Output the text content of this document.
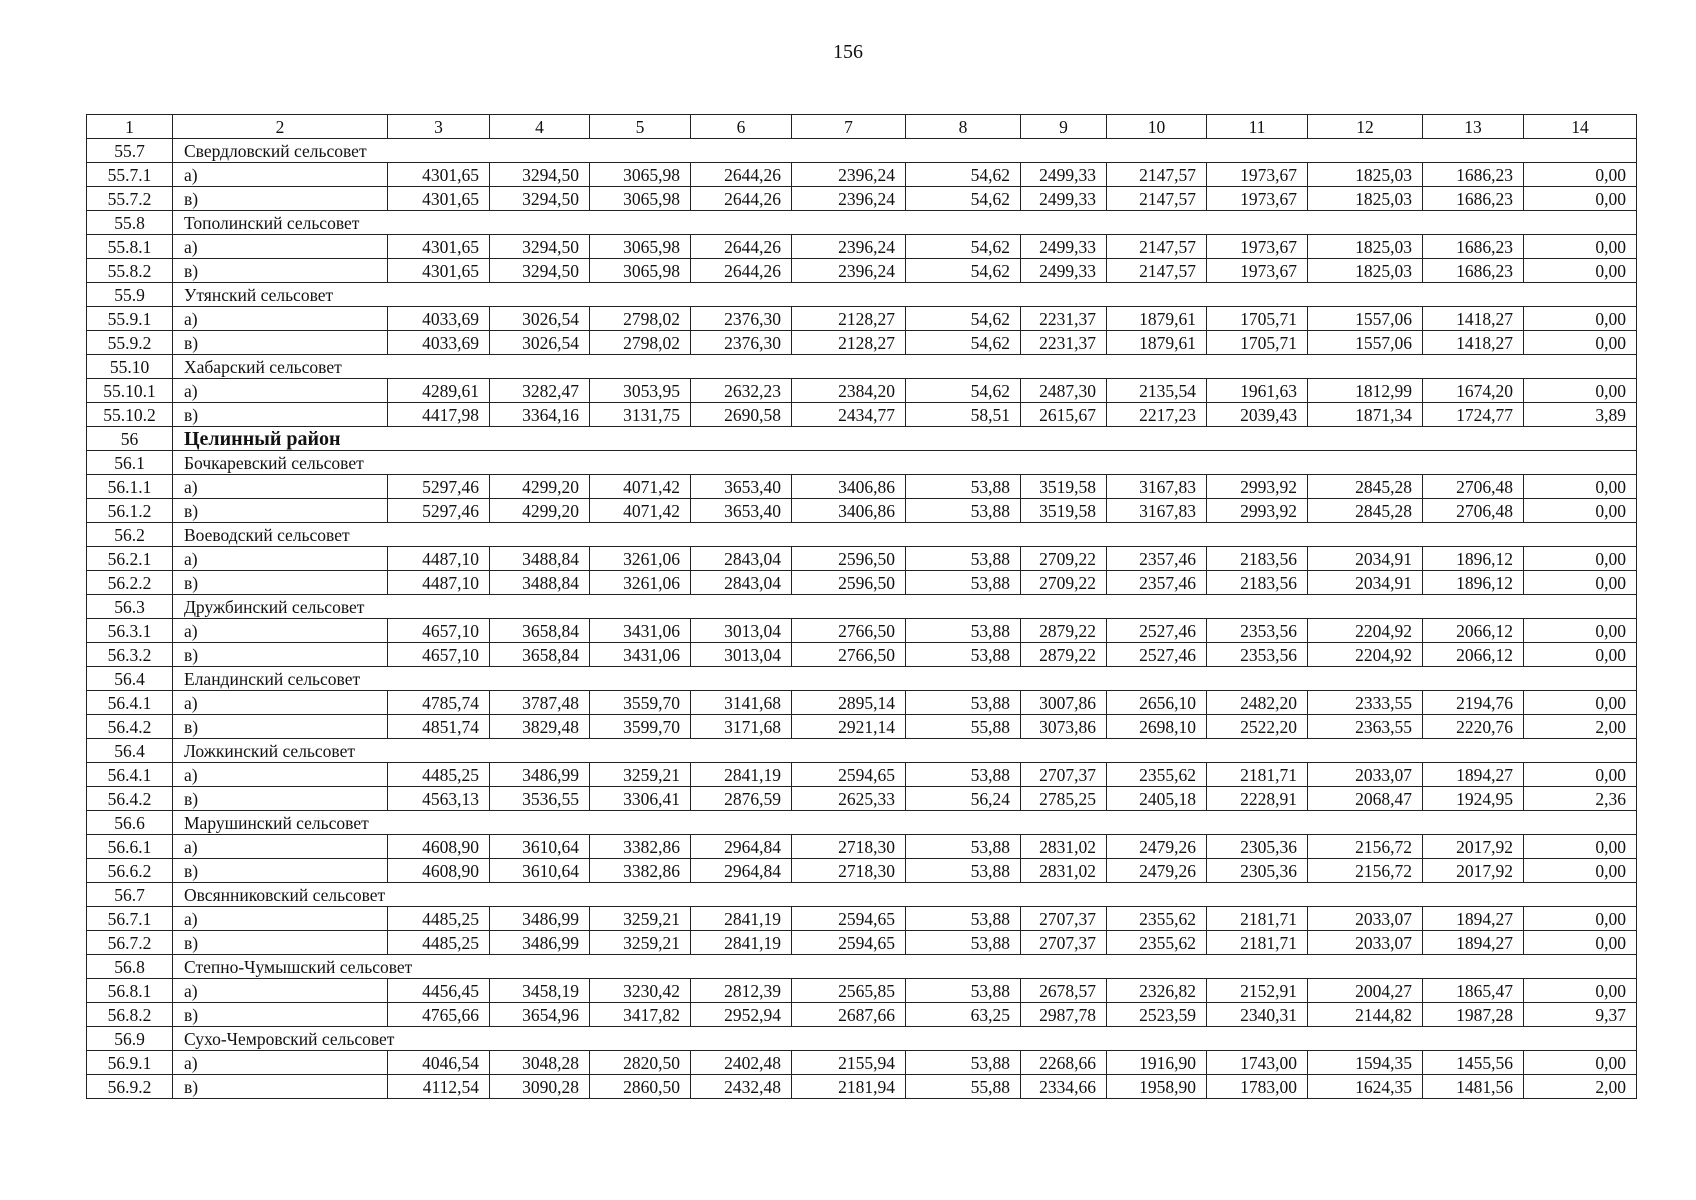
156
1	2	3	4	5	6	7	8	9	10	11	12	13	14
55.7	Свердловский сельсовет												
55.7.1	а)	4301,65	3294,50	3065,98	2644,26	2396,24	54,62	2499,33	2147,57	1973,67	1825,03	1686,23	0,00
55.7.2	в)	4301,65	3294,50	3065,98	2644,26	2396,24	54,62	2499,33	2147,57	1973,67	1825,03	1686,23	0,00
55.8	Тополинский сельсовет												
55.8.1	а)	4301,65	3294,50	3065,98	2644,26	2396,24	54,62	2499,33	2147,57	1973,67	1825,03	1686,23	0,00
55.8.2	в)	4301,65	3294,50	3065,98	2644,26	2396,24	54,62	2499,33	2147,57	1973,67	1825,03	1686,23	0,00
55.9	Утянский сельсовет												
55.9.1	а)	4033,69	3026,54	2798,02	2376,30	2128,27	54,62	2231,37	1879,61	1705,71	1557,06	1418,27	0,00
55.9.2	в)	4033,69	3026,54	2798,02	2376,30	2128,27	54,62	2231,37	1879,61	1705,71	1557,06	1418,27	0,00
55.10	Хабарский сельсовет												
55.10.1	а)	4289,61	3282,47	3053,95	2632,23	2384,20	54,62	2487,30	2135,54	1961,63	1812,99	1674,20	0,00
55.10.2	в)	4417,98	3364,16	3131,75	2690,58	2434,77	58,51	2615,67	2217,23	2039,43	1871,34	1724,77	3,89
56	Целинный район												
56.1	Бочкаревский сельсовет												
56.1.1	а)	5297,46	4299,20	4071,42	3653,40	3406,86	53,88	3519,58	3167,83	2993,92	2845,28	2706,48	0,00
56.1.2	в)	5297,46	4299,20	4071,42	3653,40	3406,86	53,88	3519,58	3167,83	2993,92	2845,28	2706,48	0,00
56.2	Воеводский сельсовет												
56.2.1	а)	4487,10	3488,84	3261,06	2843,04	2596,50	53,88	2709,22	2357,46	2183,56	2034,91	1896,12	0,00
56.2.2	в)	4487,10	3488,84	3261,06	2843,04	2596,50	53,88	2709,22	2357,46	2183,56	2034,91	1896,12	0,00
56.3	Дружбинский сельсовет												
56.3.1	а)	4657,10	3658,84	3431,06	3013,04	2766,50	53,88	2879,22	2527,46	2353,56	2204,92	2066,12	0,00
56.3.2	в)	4657,10	3658,84	3431,06	3013,04	2766,50	53,88	2879,22	2527,46	2353,56	2204,92	2066,12	0,00
56.4	Еландинский сельсовет												
56.4.1	а)	4785,74	3787,48	3559,70	3141,68	2895,14	53,88	3007,86	2656,10	2482,20	2333,55	2194,76	0,00
56.4.2	в)	4851,74	3829,48	3599,70	3171,68	2921,14	55,88	3073,86	2698,10	2522,20	2363,55	2220,76	2,00
56.4	Ложкинский сельсовет												
56.4.1	а)	4485,25	3486,99	3259,21	2841,19	2594,65	53,88	2707,37	2355,62	2181,71	2033,07	1894,27	0,00
56.4.2	в)	4563,13	3536,55	3306,41	2876,59	2625,33	56,24	2785,25	2405,18	2228,91	2068,47	1924,95	2,36
56.6	Марушинский сельсовет												
56.6.1	а)	4608,90	3610,64	3382,86	2964,84	2718,30	53,88	2831,02	2479,26	2305,36	2156,72	2017,92	0,00
56.6.2	в)	4608,90	3610,64	3382,86	2964,84	2718,30	53,88	2831,02	2479,26	2305,36	2156,72	2017,92	0,00
56.7	Овсянниковский сельсовет												
56.7.1	а)	4485,25	3486,99	3259,21	2841,19	2594,65	53,88	2707,37	2355,62	2181,71	2033,07	1894,27	0,00
56.7.2	в)	4485,25	3486,99	3259,21	2841,19	2594,65	53,88	2707,37	2355,62	2181,71	2033,07	1894,27	0,00
56.8	Степно-Чумышский сельсовет												
56.8.1	а)	4456,45	3458,19	3230,42	2812,39	2565,85	53,88	2678,57	2326,82	2152,91	2004,27	1865,47	0,00
56.8.2	в)	4765,66	3654,96	3417,82	2952,94	2687,66	63,25	2987,78	2523,59	2340,31	2144,82	1987,28	9,37
56.9	Сухо-Чемровский сельсовет												
56.9.1	а)	4046,54	3048,28	2820,50	2402,48	2155,94	53,88	2268,66	1916,90	1743,00	1594,35	1455,56	0,00
56.9.2	в)	4112,54	3090,28	2860,50	2432,48	2181,94	55,88	2334,66	1958,90	1783,00	1624,35	1481,56	2,00
